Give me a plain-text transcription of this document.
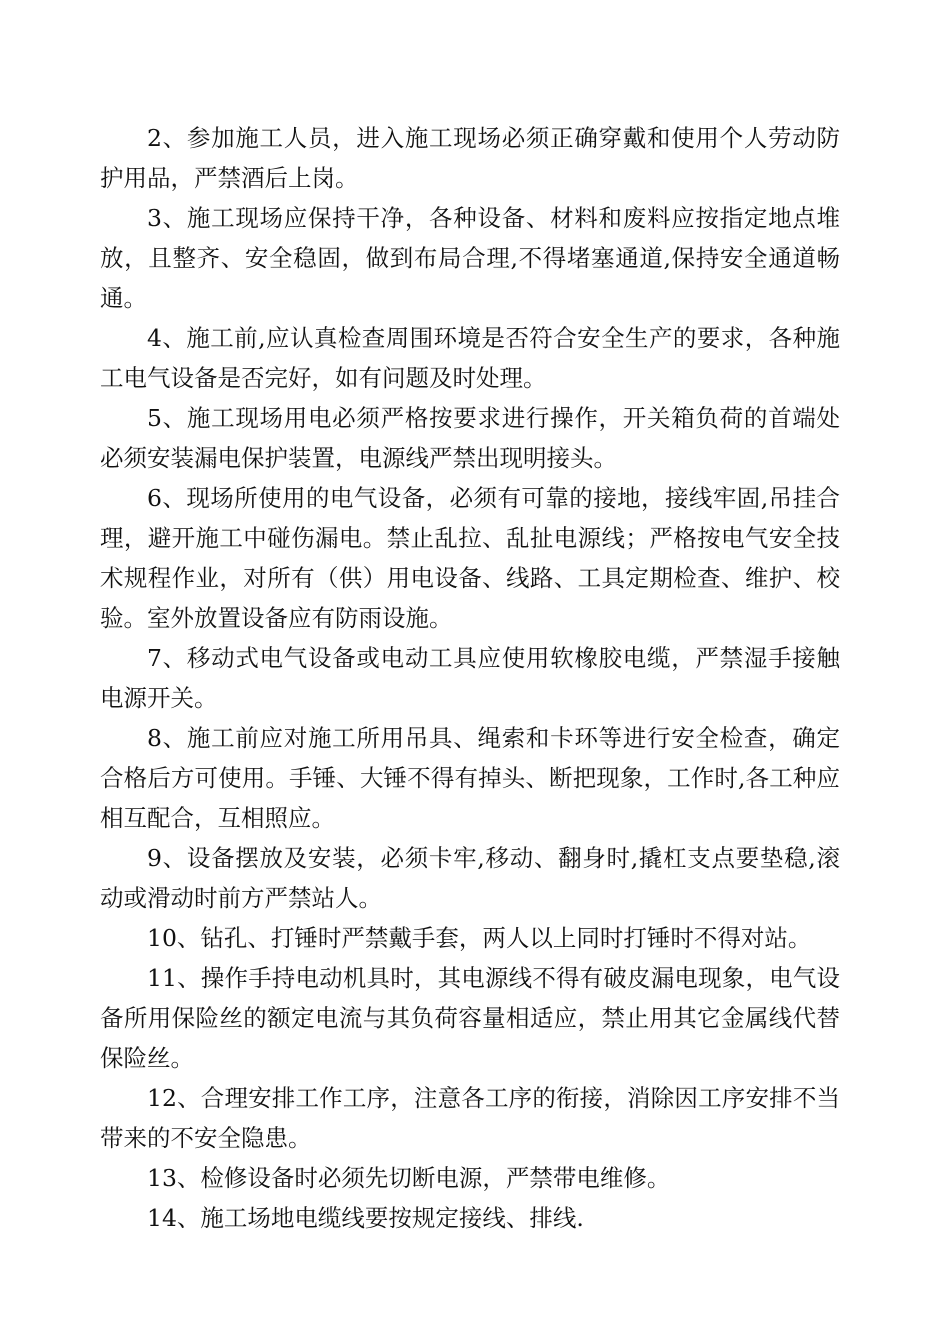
2、参加施工人员，进入施工现场必须正确穿戴和使用个人劳动防护用品，严禁酒后上岗。

3、施工现场应保持干净，各种设备、材料和废料应按指定地点堆放，且整齐、安全稳固，做到布局合理,不得堵塞通道,保持安全通道畅通。

4、施工前,应认真检查周围环境是否符合安全生产的要求，各种施工电气设备是否完好，如有问题及时处理。

5、施工现场用电必须严格按要求进行操作，开关箱负荷的首端处必须安装漏电保护装置，电源线严禁出现明接头。

6、现场所使用的电气设备，必须有可靠的接地，接线牢固,吊挂合理，避开施工中碰伤漏电。禁止乱拉、乱扯电源线；严格按电气安全技术规程作业，对所有（供）用电设备、线路、工具定期检查、维护、校验。室外放置设备应有防雨设施。

7、移动式电气设备或电动工具应使用软橡胶电缆，严禁湿手接触电源开关。

8、施工前应对施工所用吊具、绳索和卡环等进行安全检查，确定合格后方可使用。手锤、大锤不得有掉头、断把现象，工作时,各工种应相互配合，互相照应。

9、设备摆放及安装，必须卡牢,移动、翻身时,撬杠支点要垫稳,滚动或滑动时前方严禁站人。

10、钻孔、打锤时严禁戴手套，两人以上同时打锤时不得对站。

11、操作手持电动机具时，其电源线不得有破皮漏电现象，电气设备所用保险丝的额定电流与其负荷容量相适应，禁止用其它金属线代替保险丝。

12、合理安排工作工序，注意各工序的衔接，消除因工序安排不当带来的不安全隐患。

13、检修设备时必须先切断电源，严禁带电维修。

14、施工场地电缆线要按规定接线、排线.
